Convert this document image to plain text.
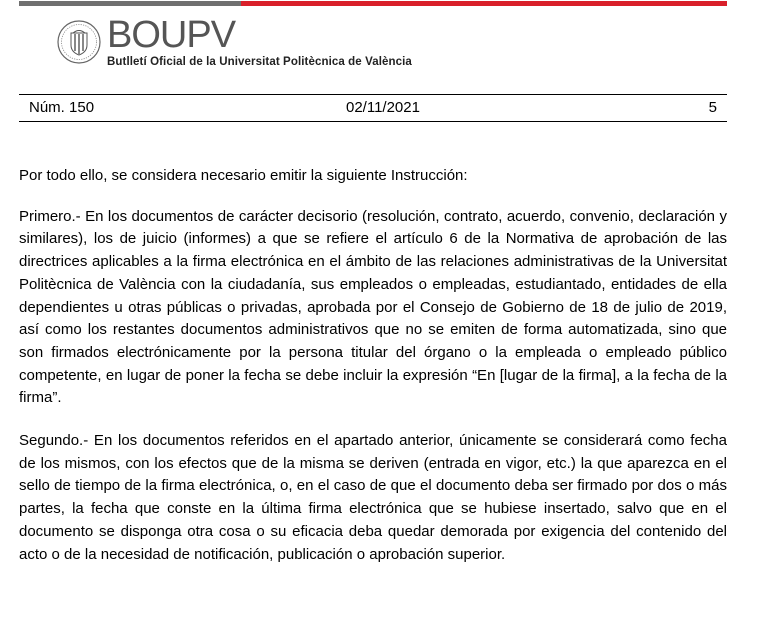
BOUPV
Butlletí Oficial de la Universitat Politècnica de València
Núm. 150	02/11/2021	5

Por todo ello, se considera necesario emitir la siguiente Instrucción:

Primero.- En los documentos de carácter decisorio (resolución, contrato, acuerdo, convenio, declaración y similares), los de juicio (informes) a que se refiere el artículo 6 de la Normativa de aprobación de las directrices aplicables a la firma electrónica en el ámbito de las relaciones administrativas de la Universitat Politècnica de València con la ciudadanía, sus empleados o empleadas, estudiantado, entidades de ella dependientes u otras públicas o privadas, aprobada por el Consejo de Gobierno de 18 de julio de 2019, así como los restantes documentos administrativos que no se emiten de forma automatizada, sino que son firmados electrónicamente por la persona titular del órgano o la empleada o empleado público competente, en lugar de poner la fecha se debe incluir la expresión “En [lugar de la firma], a la fecha de la firma”.

Segundo.- En los documentos referidos en el apartado anterior, únicamente se considerará como fecha de los mismos, con los efectos que de la misma se deriven (entrada en vigor, etc.) la que aparezca en el sello de tiempo de la firma electrónica, o, en el caso de que el documento deba ser firmado por dos o más partes, la fecha que conste en la última firma electrónica que se hubiese insertado, salvo que en el documento se disponga otra cosa o su eficacia deba quedar demorada por exigencia del contenido del acto o de la necesidad de notificación, publicación o aprobación superior.
